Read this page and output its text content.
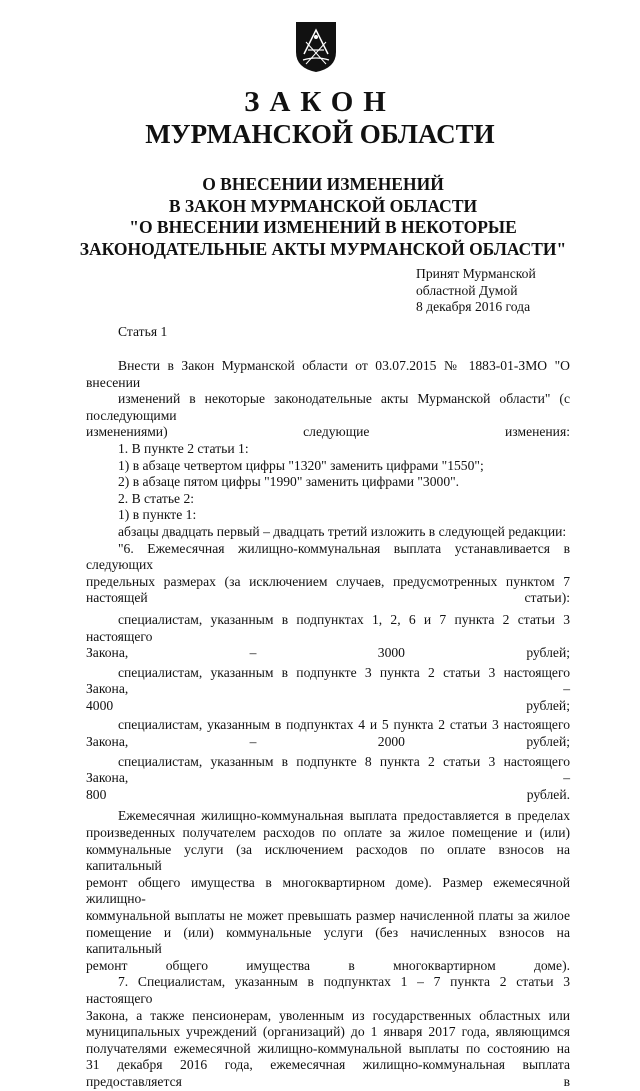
ЗАКОН
МУРМАНСКОЙ ОБЛАСТИ
О ВНЕСЕНИИ ИЗМЕНЕНИЙ
В ЗАКОН МУРМАНСКОЙ ОБЛАСТИ
"О ВНЕСЕНИИ ИЗМЕНЕНИЙ В НЕКОТОРЫЕ
ЗАКОНОДАТЕЛЬНЫЕ АКТЫ МУРМАНСКОЙ ОБЛАСТИ"
Принят Мурманской
областной Думой
8 декабря 2016 года
Статья 1

Внести в Закон Мурманской области от 03.07.2015 № 1883-01-ЗМО "О внесении
изменений в некоторые законодательные акты Мурманской области" (с последующими
изменениями) следующие изменения:

1. В пункте 2 статьи 1:

1) в абзаце четвертом цифры "1320" заменить цифрами "1550";

2) в абзаце пятом цифры "1990" заменить цифрами "3000".

2. В статье 2:

1) в пункте 1:

абзацы двадцать первый – двадцать третий изложить в следующей редакции:

"6. Ежемесячная жилищно-коммунальная выплата устанавливается в следующих
предельных размерах (за исключением случаев, предусмотренных пунктом 7
настоящей статьи):

специалистам, указанным в подпунктах 1, 2, 6 и 7 пункта 2 статьи 3 настоящего
Закона, – 3000 рублей;

специалистам, указанным в подпункте 3 пункта 2 статьи 3 настоящего Закона, –
4000 рублей;

специалистам, указанным в подпунктах 4 и 5 пункта 2 статьи 3 настоящего
Закона, – 2000 рублей;

специалистам, указанным в подпункте 8 пункта 2 статьи 3 настоящего Закона, –
800 рублей.

Ежемесячная жилищно-коммунальная выплата предоставляется в пределах
произведенных получателем расходов по оплате за жилое помещение и (или)
коммунальные услуги (за исключением расходов по оплате взносов на капитальный
ремонт общего имущества в многоквартирном доме). Размер ежемесячной жилищно-
коммунальной выплаты не может превышать размер начисленной платы за жилое
помещение и (или) коммунальные услуги (без начисленных взносов на капитальный
ремонт общего имущества в многоквартирном доме).

7. Специалистам, указанным в подпунктах 1 – 7 пункта 2 статьи 3 настоящего
Закона, а также пенсионерам, уволенным из государственных областных или
муниципальных учреждений (организаций) до 1 января 2017 года, являющимся
получателями ежемесячной жилищно-коммунальной выплаты по состоянию на
31 декабря 2016 года, ежемесячная жилищно-коммунальная выплата предоставляется в
